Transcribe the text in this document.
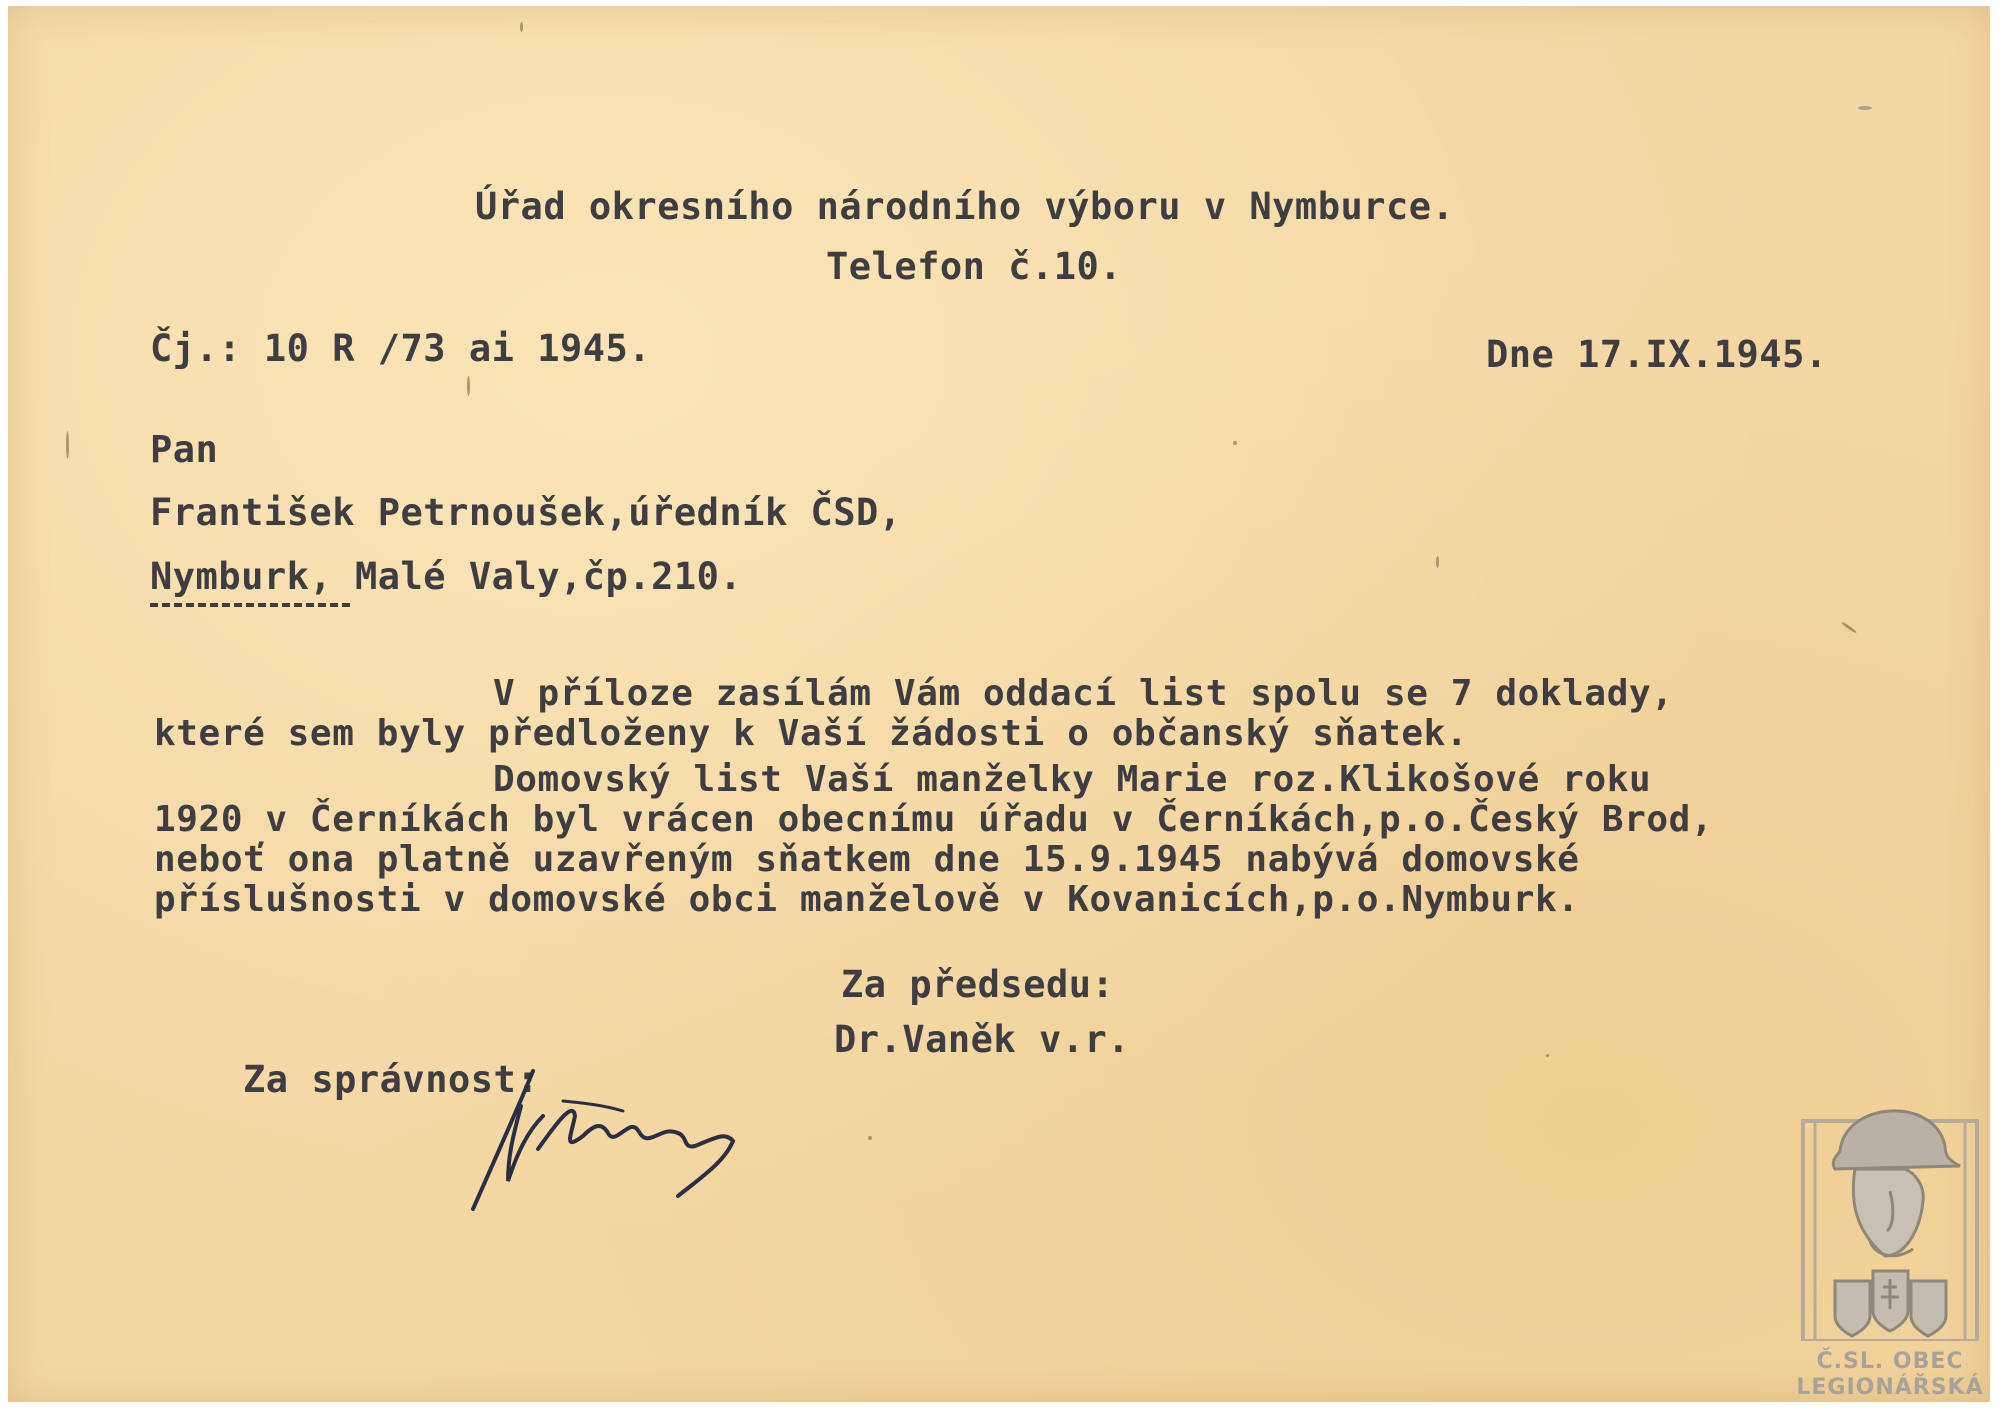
Úřad okresního národního výboru v Nymburce.
Telefon č.10.
Čj.: 10 R /73 ai 1945.	Dne 17.IX.1945.
Pan
František Petrnoušek,úředník ČSD,
Nymburk, Malé Valy,čp.210.
V příloze zasílám Vám oddací list spolu se 7 doklady,
které sem byly předloženy k Vaší žádosti o občanský sňatek.
Domovský list Vaší manželky Marie roz.Klikošové roku
1920 v Černíkách byl vrácen obecnímu úřadu v Černíkách,p.o.Český Brod,
neboť ona platně uzavřeným sňatkem dne 15.9.1945 nabývá domovské
příslušnosti v domovské obci manželově v Kovanicích,p.o.Nymburk.
Za předsedu:
Dr.Vaněk v.r.
Za správnost:
Č.SL. OBEC
LEGIONÁŘSKÁ
